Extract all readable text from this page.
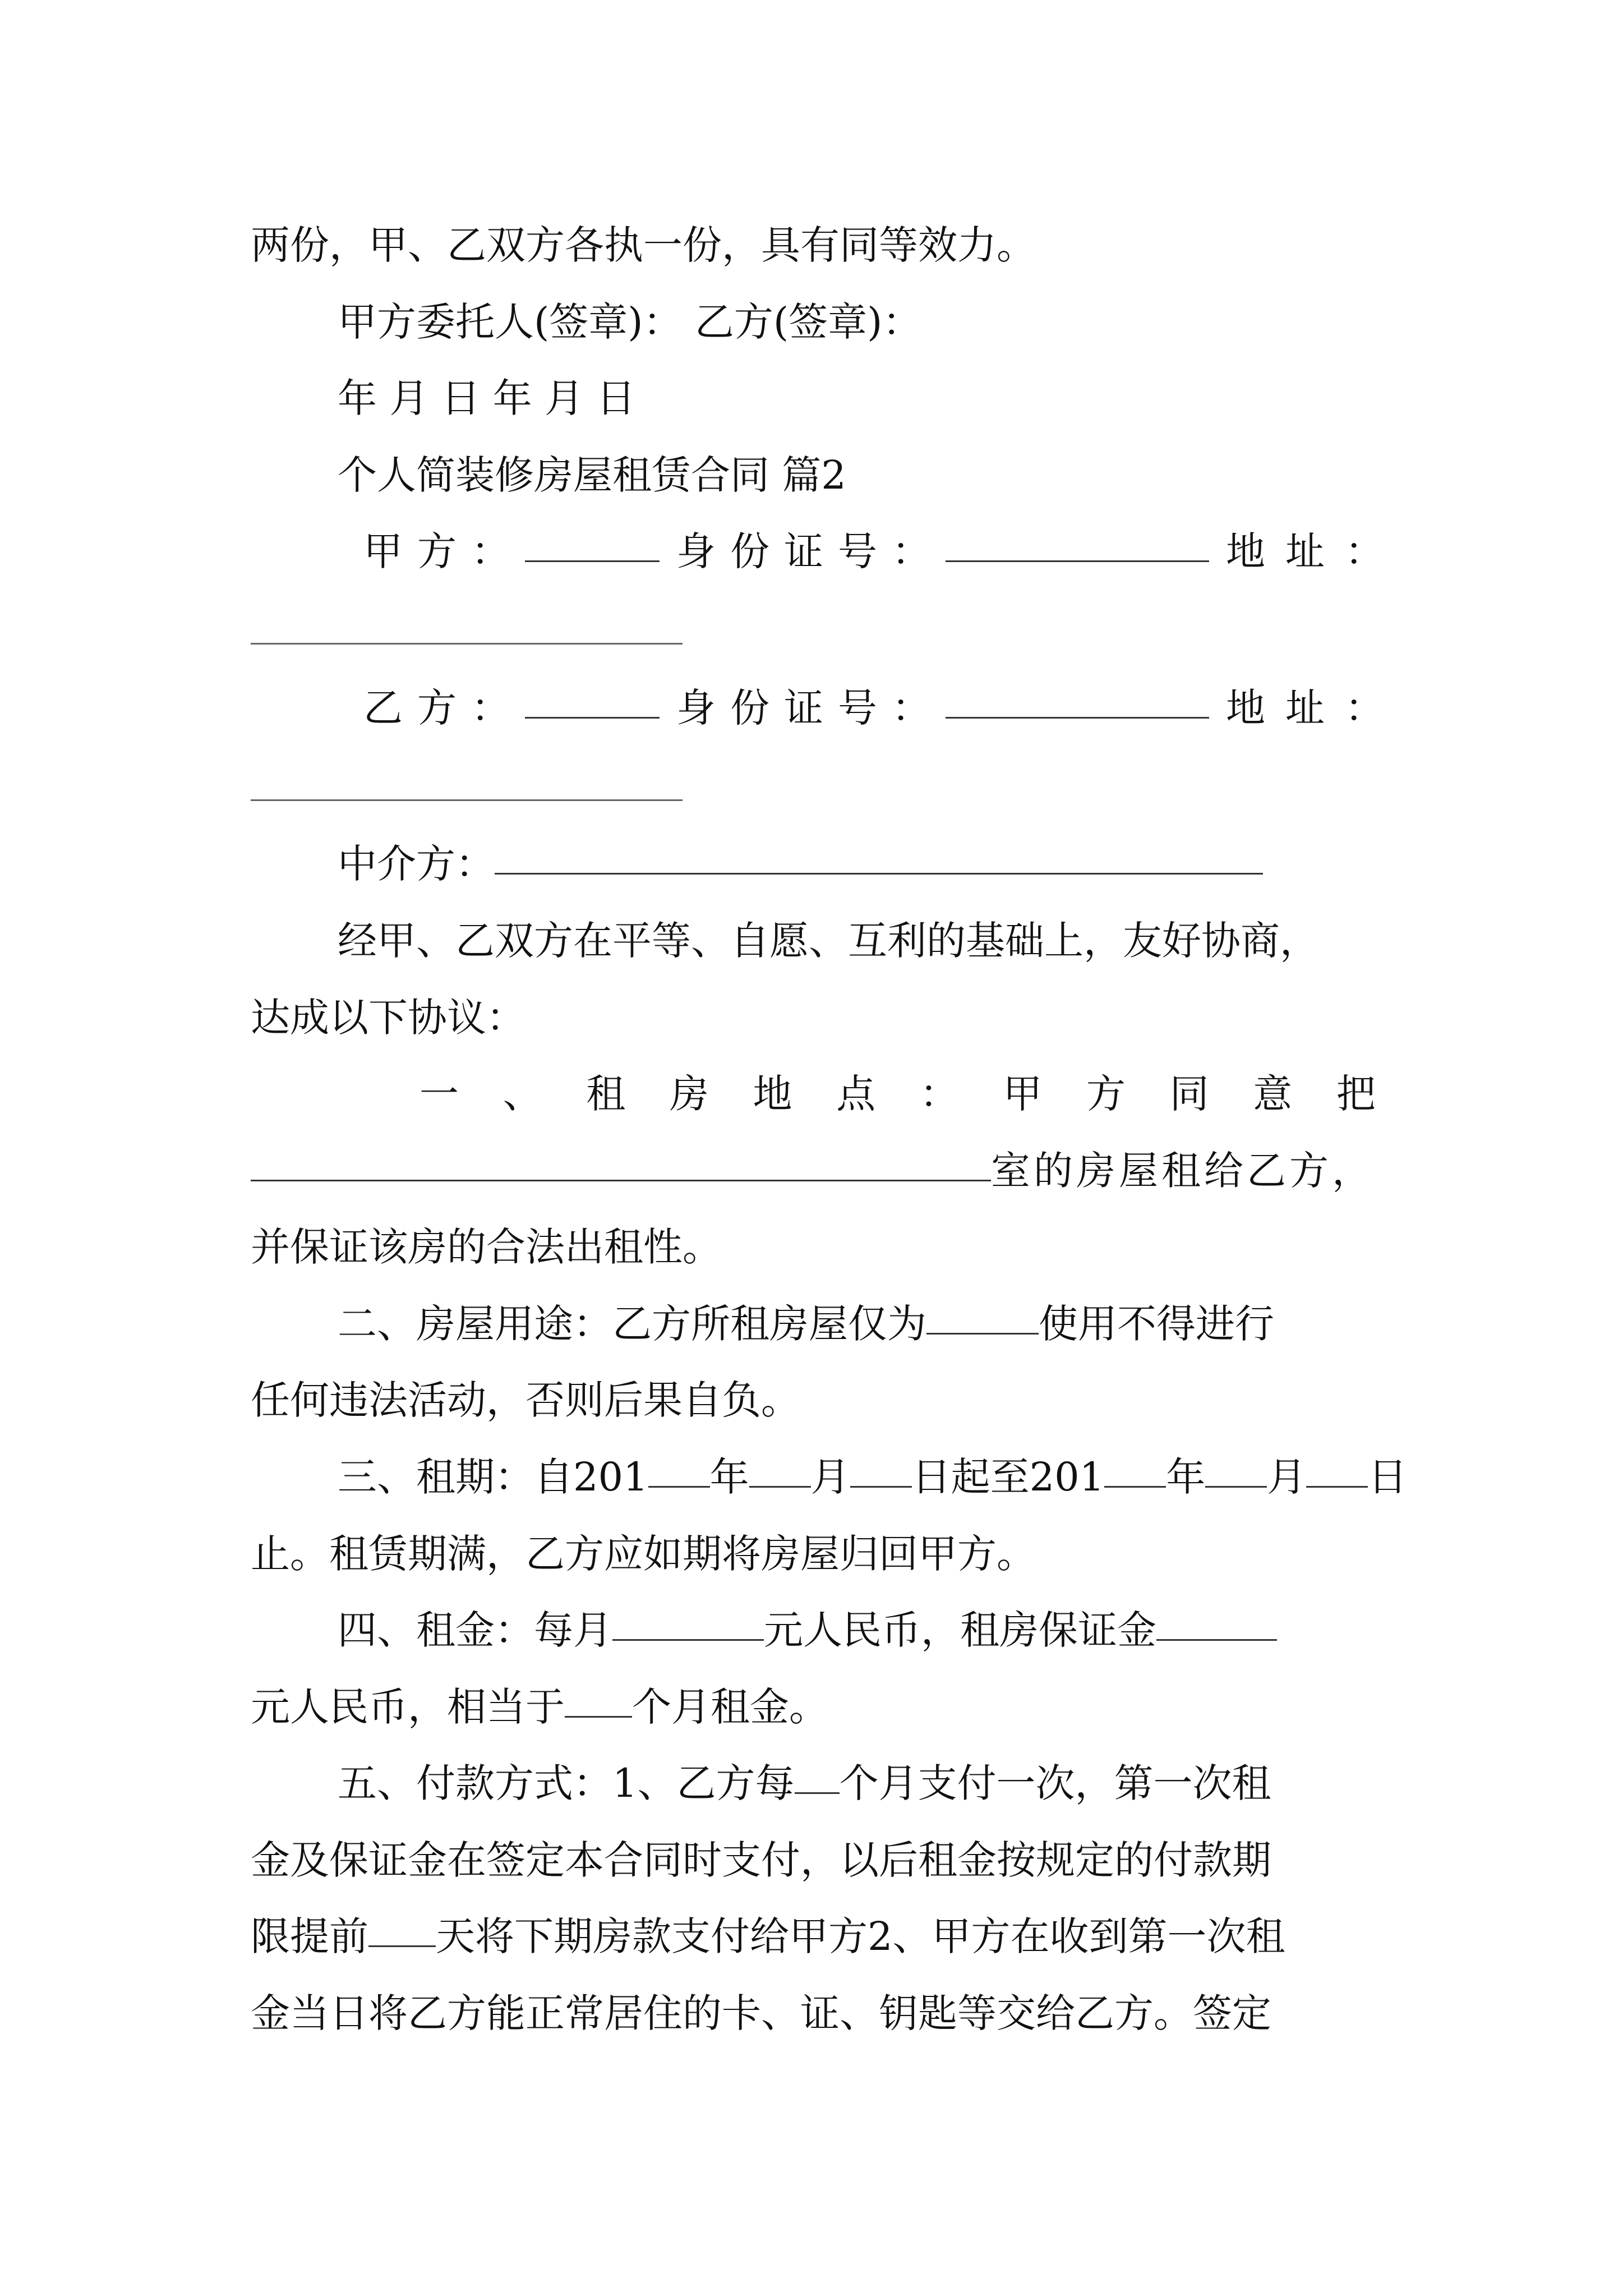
两份，甲、乙双方各执一份，具有同等效力。
甲方委托人(签章)： 乙方(签章)：
年 月 日 年 月 日
个人简装修房屋租赁合同 篇2
甲方：	身份证号：	地址：
乙方：	身份证号：	地址：
中介方：
经甲、乙双方在平等、自愿、互利的基础上，友好协商，
达成以下协议：
一 、 租 房 地 点 ： 甲 方 同 意 把
室的房屋租给乙方，
并保证该房的合法出租性。
二、房屋用途：乙方所租房屋仅为	使用不得进行
任何违法活动，否则后果自负。
三、租期：自201 年 月 日起至201 年 月 日
止。租赁期满，乙方应如期将房屋归回甲方。
四、租金：每月	元人民币，租房保证金
元人民币，相当于 个月租金。
五、付款方式：1、乙方每 个月支付一次，第一次租
金及保证金在签定本合同时支付，以后租金按规定的付款期
限提前 天将下期房款支付给甲方2、甲方在收到第一次租
金当日将乙方能正常居住的卡、证、钥匙等交给乙方。签定
